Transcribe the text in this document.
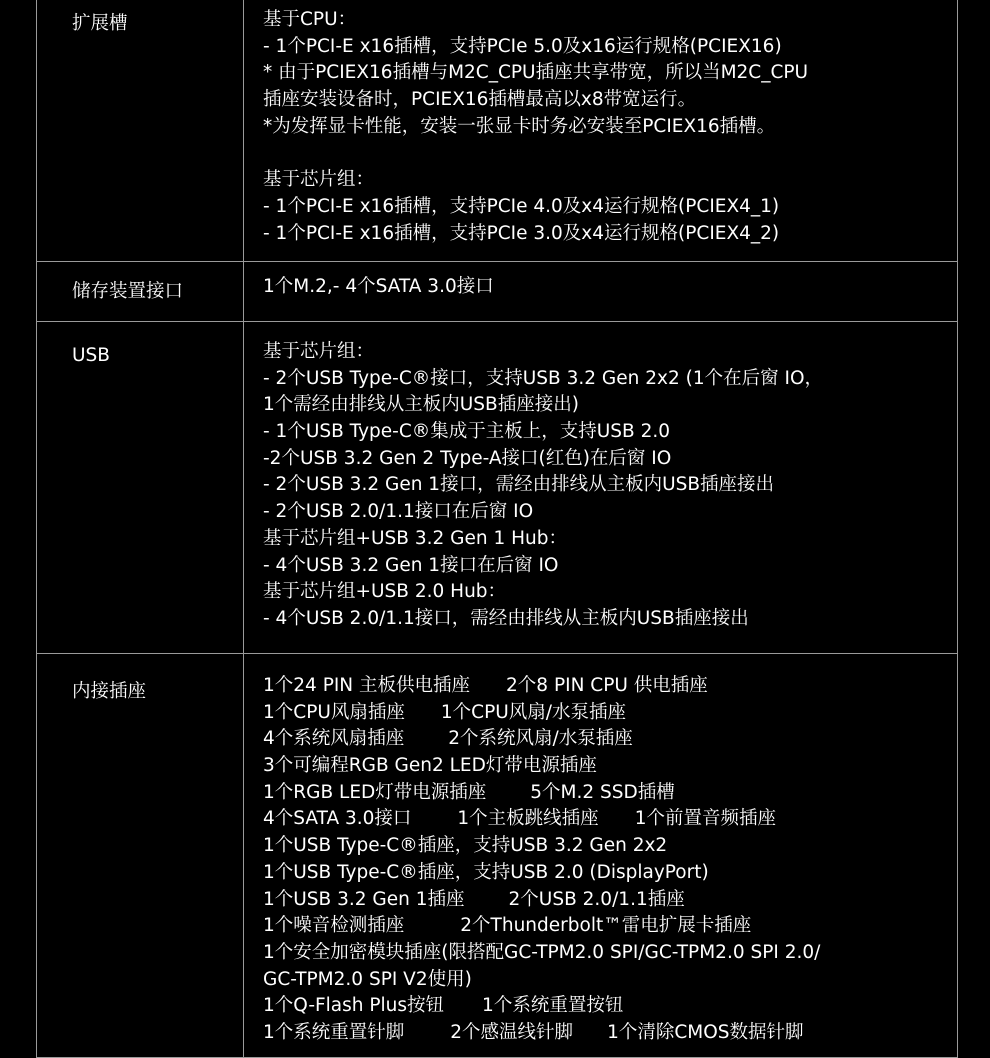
扩展槽	基于CPU：
- 1个PCI-E x16插槽，支持PCIe 5.0及x16运行规格(PCIEX16)
* 由于PCIEX16插槽与M2C_CPU插座共享带宽，所以当M2C_CPU
插座安装设备时，PCIEX16插槽最高以x8带宽运行。
*为发挥显卡性能，安装一张显卡时务必安装至PCIEX16插槽。
基于芯片组：
- 1个PCI-E x16插槽，支持PCIe 4.0及x4运行规格(PCIEX4_1)
- 1个PCI-E x16插槽，支持PCIe 3.0及x4运行规格(PCIEX4_2)
储存装置接口	1个M.2,- 4个SATA 3.0接口
USB	基于芯片组：
- 2个USB Type-C®接口，支持USB 3.2 Gen 2x2 (1个在后窗 IO，
1个需经由排线从主板内USB插座接出)
- 1个USB Type-C®集成于主板上，支持USB 2.0
-2个USB 3.2 Gen 2 Type-A接口(红色)在后窗 IO
- 2个USB 3.2 Gen 1接口，需经由排线从主板内USB插座接出
- 2个USB 2.0/1.1接口在后窗 IO
基于芯片组+USB 3.2 Gen 1 Hub：
- 4个USB 3.2 Gen 1接口在后窗 IO
基于芯片组+USB 2.0 Hub：
- 4个USB 2.0/1.1接口，需经由排线从主板内USB插座接出
内接插座	1个24 PIN 主板供电插座 2个8 PIN CPU 供电插座
1个CPU风扇插座 1个CPU风扇/水泵插座
4个系统风扇插座 2个系统风扇/水泵插座
3个可编程RGB Gen2 LED灯带电源插座
1个RGB LED灯带电源插座 5个M.2 SSD插槽
4个SATA 3.0接口 1个主板跳线插座 1个前置音频插座
1个USB Type-C®插座，支持USB 3.2 Gen 2x2
1个USB Type-C®插座，支持USB 2.0 (DisplayPort)
1个USB 3.2 Gen 1插座 2个USB 2.0/1.1插座
1个噪音检测插座	2个Thunderbolt™雷电扩展卡插座
1个安全加密模块插座(限搭配GC-TPM2.0 SPI/GC-TPM2.0 SPI 2.0/
GC-TPM2.0 SPI V2使用)
1个Q-Flash Plus按钮 1个系统重置按钮
1个系统重置针脚 2个感温线针脚 1个清除CMOS数据针脚
